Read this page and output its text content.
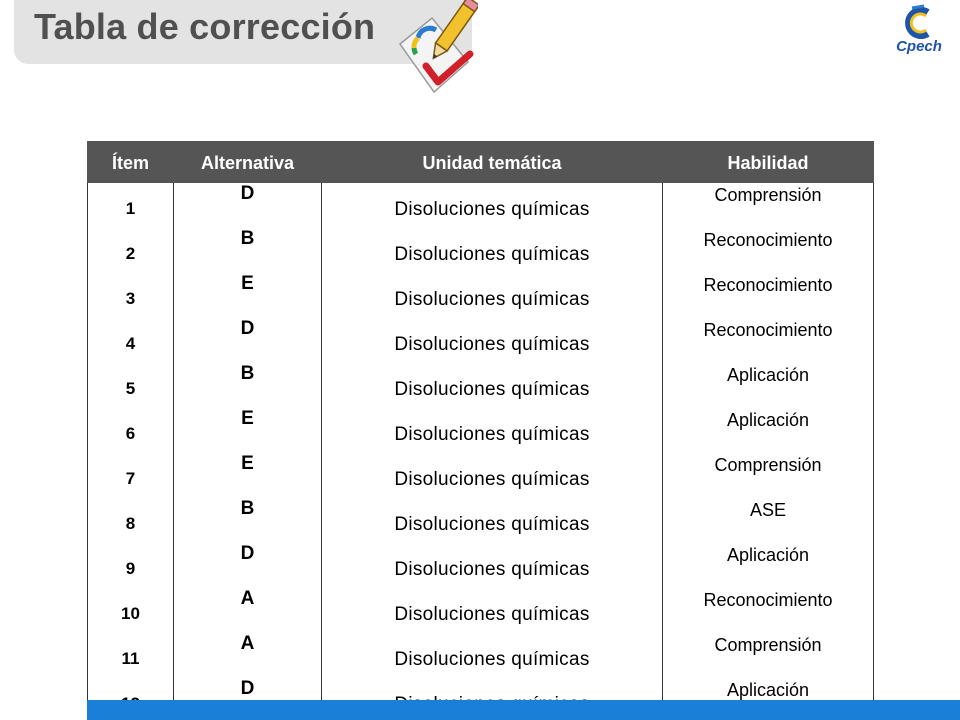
Tabla de corrección	Cpech
Ítem	Alternativa	Unidad temática	Habilidad
1	D	Disoluciones químicas	Comprensión
2	B	Disoluciones químicas	Reconocimiento
3	E	Disoluciones químicas	Reconocimiento
4	D	Disoluciones químicas	Reconocimiento
5	B	Disoluciones químicas	Aplicación
6	E	Disoluciones químicas	Aplicación
7	E	Disoluciones químicas	Comprensión
8	B	Disoluciones químicas	ASE
9	D	Disoluciones químicas	Aplicación
10	A	Disoluciones químicas	Reconocimiento
11	A	Disoluciones químicas	Comprensión
	D		Aplicación
